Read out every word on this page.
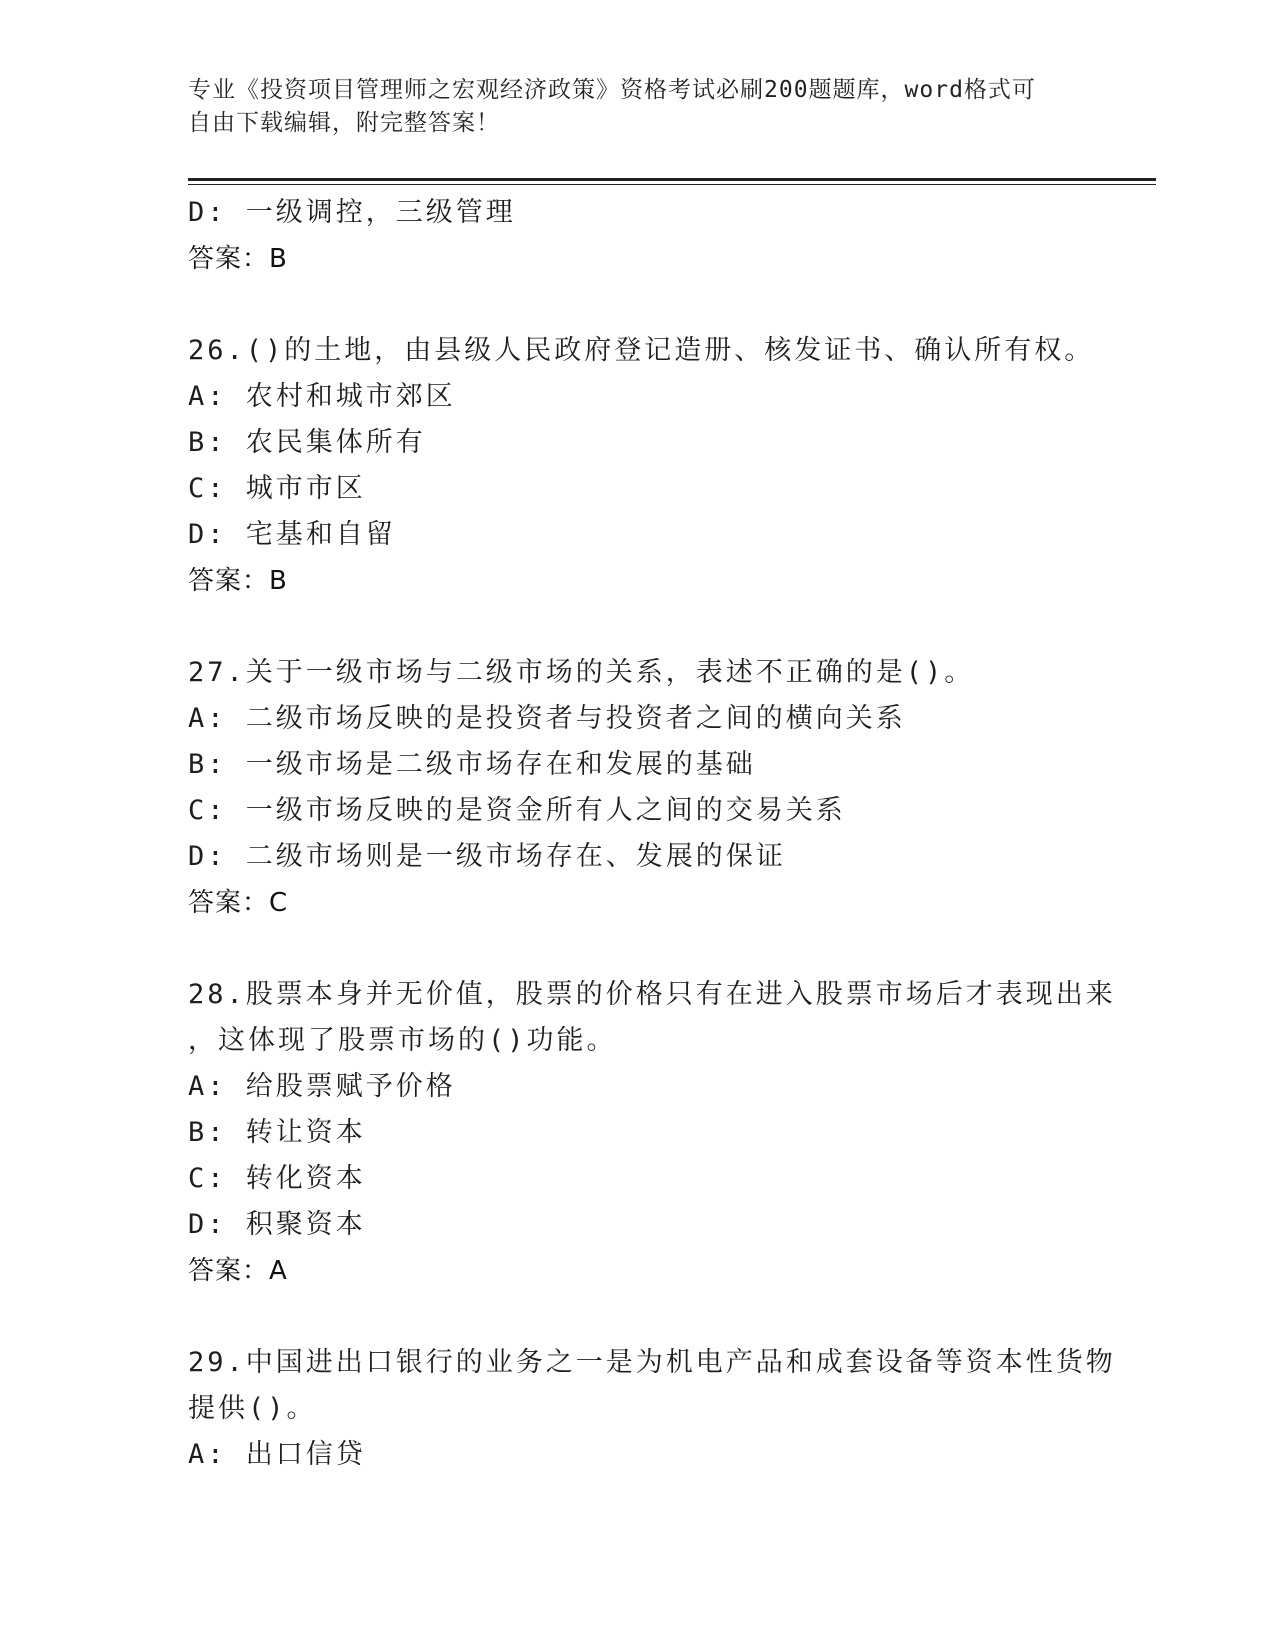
专业《投资项目管理师之宏观经济政策》资格考试必刷200题题库，word格式可
自由下载编辑，附完整答案！
D: 一级调控，三级管理
答案：B
26.()的土地，由县级人民政府登记造册、核发证书、确认所有权。
A: 农村和城市郊区
B: 农民集体所有
C: 城市市区
D: 宅基和自留
答案：B
27.关于一级市场与二级市场的关系，表述不正确的是()。
A: 二级市场反映的是投资者与投资者之间的横向关系
B: 一级市场是二级市场存在和发展的基础
C: 一级市场反映的是资金所有人之间的交易关系
D: 二级市场则是一级市场存在、发展的保证
答案：C
28.股票本身并无价值，股票的价格只有在进入股票市场后才表现出来
，这体现了股票市场的()功能。
A: 给股票赋予价格
B: 转让资本
C: 转化资本
D: 积聚资本
答案：A
29.中国进出口银行的业务之一是为机电产品和成套设备等资本性货物
提供()。
A: 出口信贷
